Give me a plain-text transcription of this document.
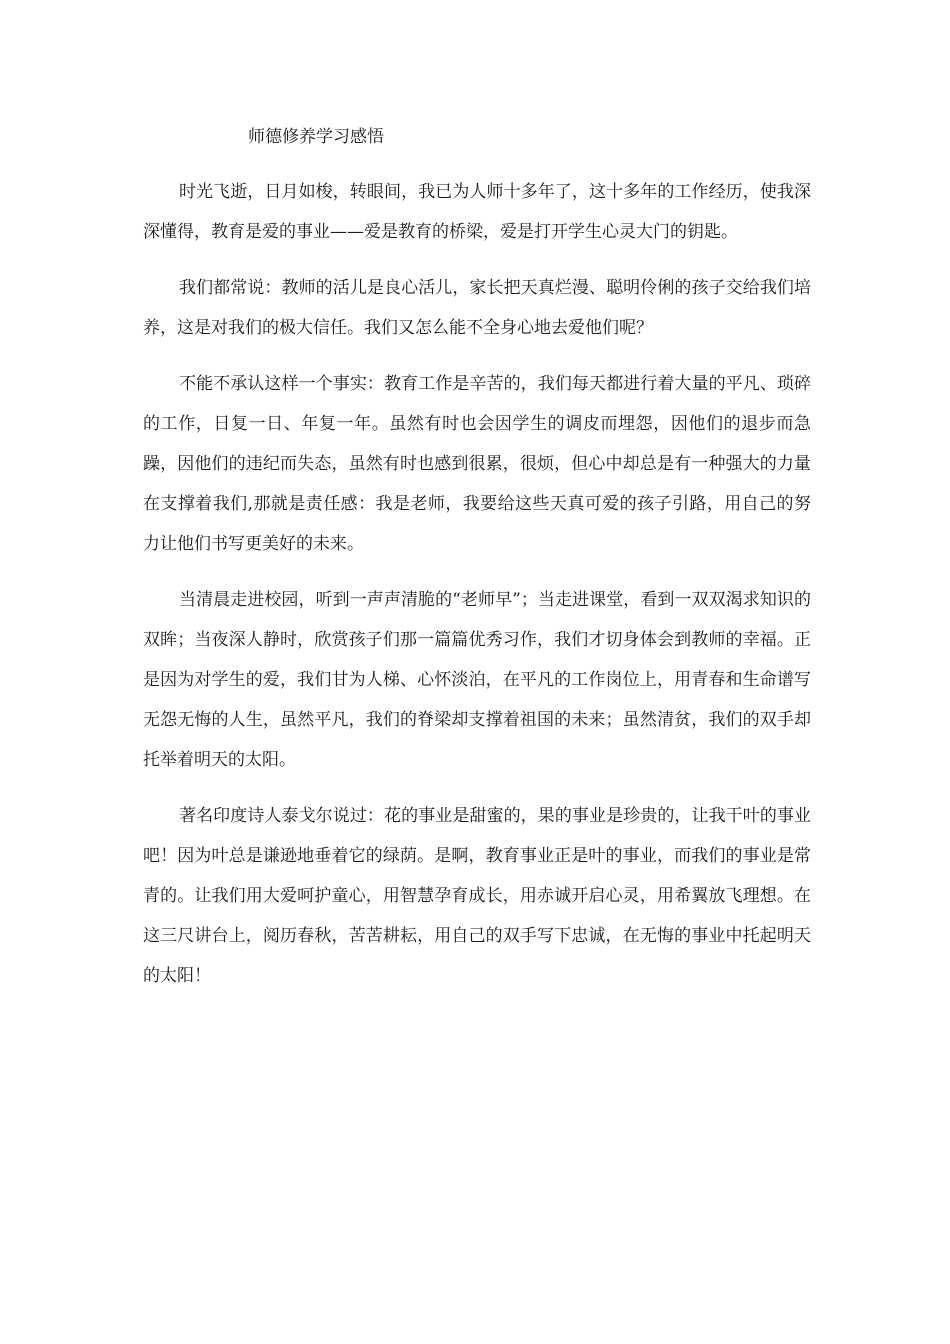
师德修养学习感悟

时光飞逝，日月如梭，转眼间，我已为人师十多年了，这十多年的工作经历，使我深深懂得，教育是爱的事业——爱是教育的桥梁，爱是打开学生心灵大门的钥匙。

我们都常说：教师的活儿是良心活儿，家长把天真烂漫、聪明伶俐的孩子交给我们培养，这是对我们的极大信任。我们又怎么能不全身心地去爱他们呢？

不能不承认这样一个事实：教育工作是辛苦的，我们每天都进行着大量的平凡、琐碎的工作，日复一日、年复一年。虽然有时也会因学生的调皮而埋怨，因他们的退步而急躁，因他们的违纪而失态，虽然有时也感到很累，很烦，但心中却总是有一种强大的力量在支撑着我们,那就是责任感：我是老师，我要给这些天真可爱的孩子引路，用自己的努力让他们书写更美好的未来。

当清晨走进校园，听到一声声清脆的“老师早”；当走进课堂，看到一双双渴求知识的双眸；当夜深人静时，欣赏孩子们那一篇篇优秀习作，我们才切身体会到教师的幸福。正是因为对学生的爱，我们甘为人梯、心怀淡泊，在平凡的工作岗位上，用青春和生命谱写无怨无悔的人生，虽然平凡，我们的脊梁却支撑着祖国的未来；虽然清贫，我们的双手却托举着明天的太阳。

著名印度诗人泰戈尔说过：花的事业是甜蜜的，果的事业是珍贵的，让我干叶的事业吧！因为叶总是谦逊地垂着它的绿荫。是啊，教育事业正是叶的事业，而我们的事业是常青的。让我们用大爱呵护童心，用智慧孕育成长，用赤诚开启心灵，用希翼放飞理想。在这三尺讲台上，阅历春秋，苦苦耕耘，用自己的双手写下忠诚，在无悔的事业中托起明天的太阳！
